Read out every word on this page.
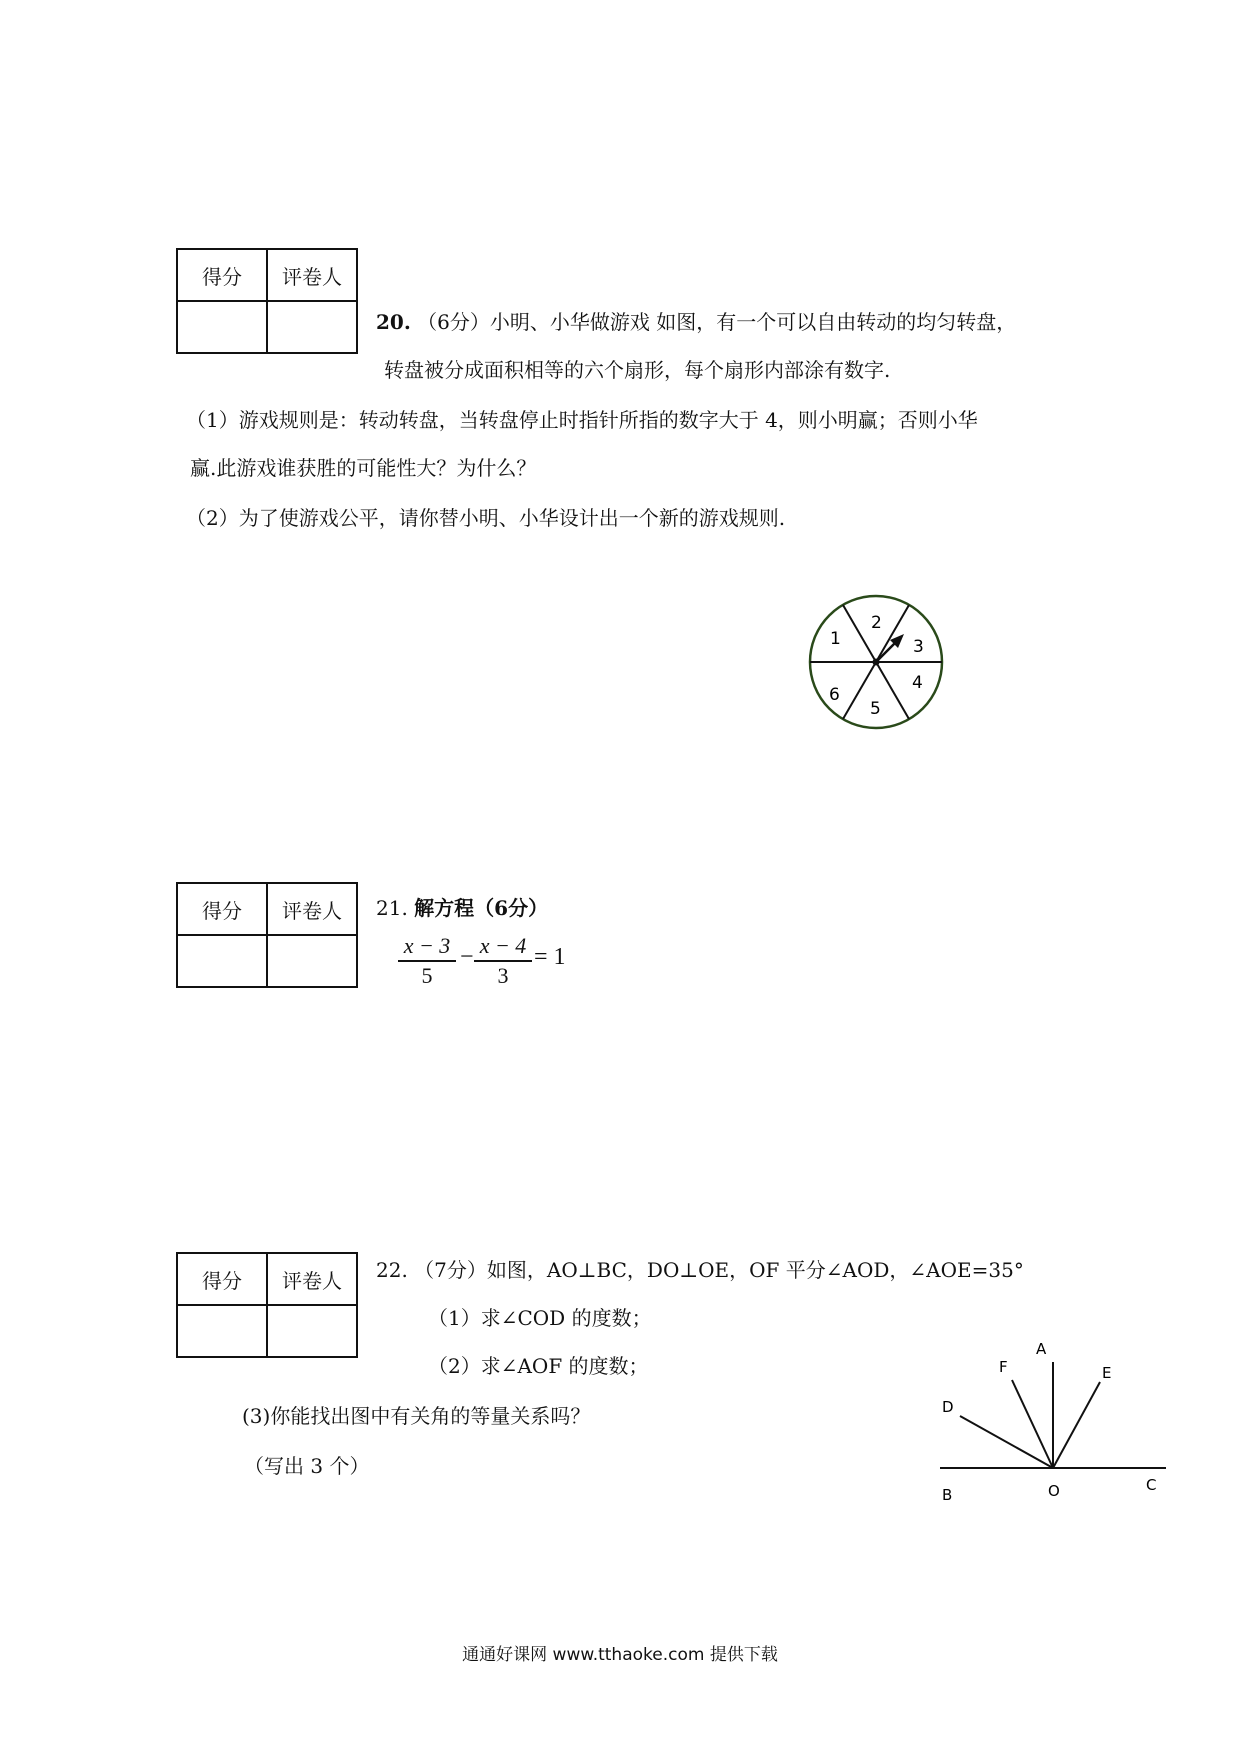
得分	评卷人

20. （6分）小明、小华做游戏 如图，有一个可以自由转动的均匀转盘，
转盘被分成面积相等的六个扇形，每个扇形内部涂有数字.
（1）游戏规则是：转动转盘，当转盘停止时指针所指的数字大于 4，则小明赢；否则小华
赢.此游戏谁获胜的可能性大？为什么？
（2）为了使游戏公平，请你替小明、小华设计出一个新的游戏规则.
1
2
3
4
5
6
得分	评卷人
	21. 解方程（6分）
$\frac{x - 3}{5} - \frac{x - 4}{3} = 1$
得分	评卷人
	22. （7分）如图，AO⊥BC，DO⊥OE，OF 平分∠AOD，∠AOE=35°
（1）求∠COD 的度数；
（2）求∠AOF 的度数；
(3)你能找出图中有关角的等量关系吗？
（写出 3 个）
A
F	E
D
B	O	C
通通好课网 www.tthaoke.com 提供下载
